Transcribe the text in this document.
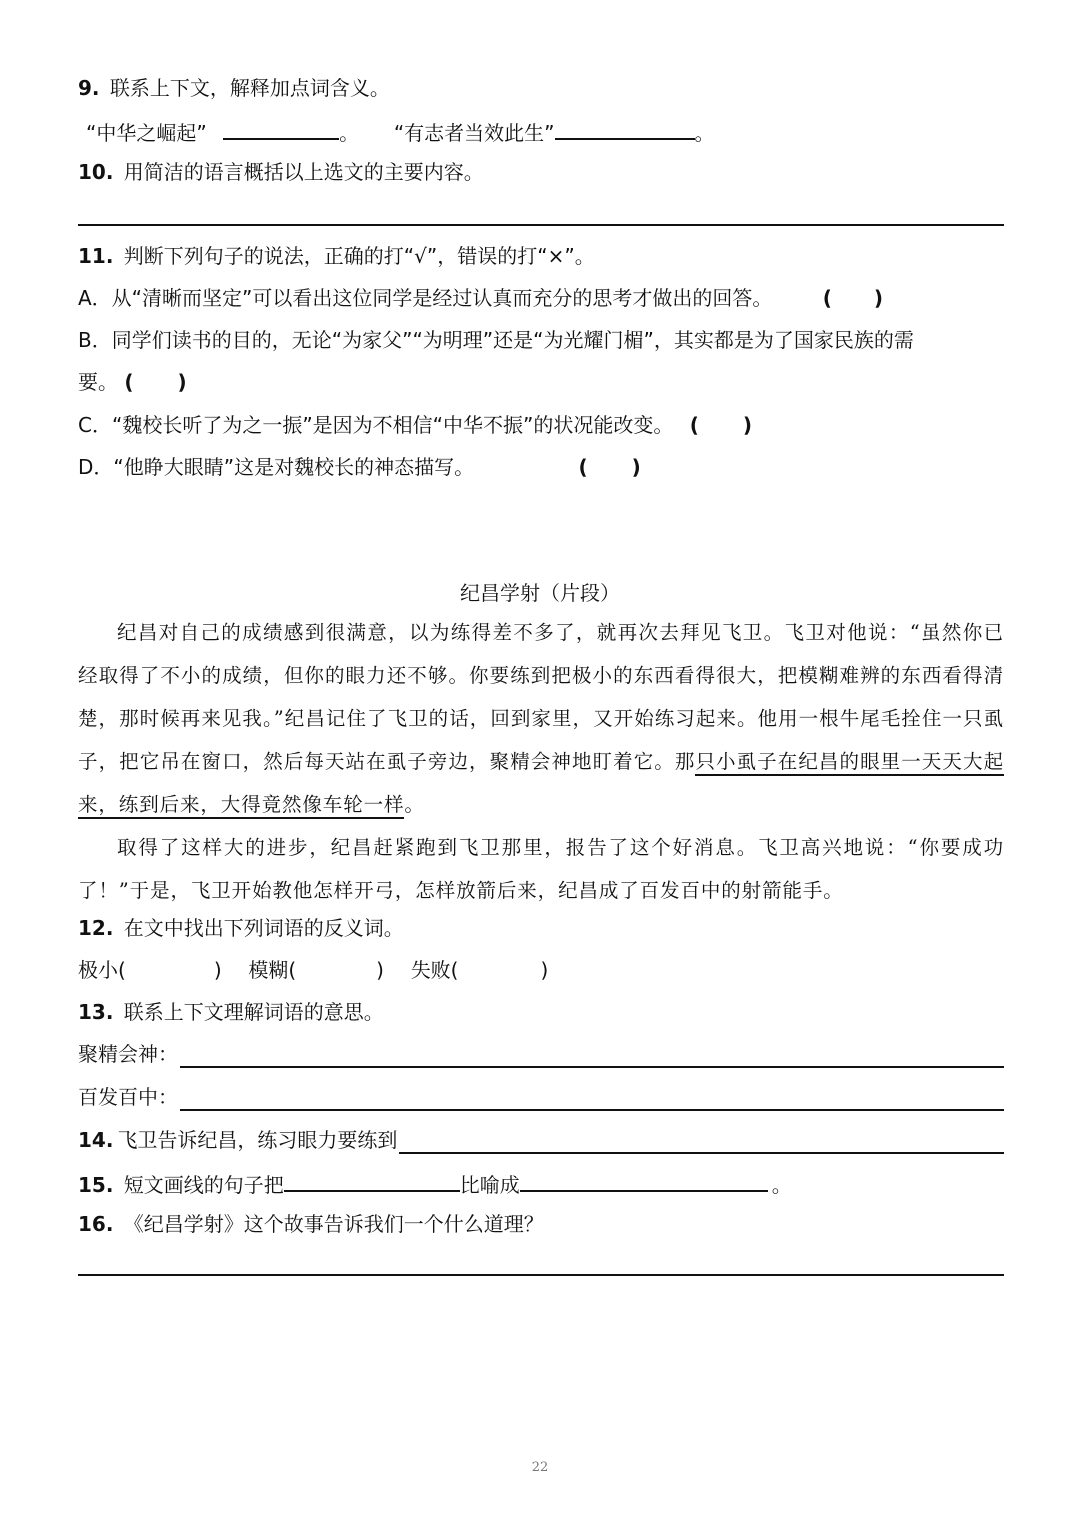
9. 联系上下文，解释加点词含义。
“中华之崛起”	。 “有志者当效此生”	。
10. 用简洁的语言概括以上选文的主要内容。
11. 判断下列句子的说法，正确的打“√”，错误的打“×”。
A．从“清晰而坚定”可以看出这位同学是经过认真而充分的思考才做出的回答。	( )
B．同学们读书的目的，无论“为家父”“为明理”还是“为光耀门楣”，其实都是为了国家民族的需
要。 ( )
C．“魏校长听了为之一振”是因为不相信“中华不振”的状况能改变。 ( )
D．“他睁大眼睛”这是对魏校长的神态描写。	( )
纪昌学射（片段）

纪昌对自己的成绩感到很满意，以为练得差不多了，就再次去拜见飞卫。飞卫对他说：“虽然你已经取得了不小的成绩，但你的眼力还不够。你要练到把极小的东西看得很大，把模糊难辨的东西看得清楚，那时候再来见我。”纪昌记住了飞卫的话，回到家里，又开始练习起来。他用一根牛尾毛拴住一只虱子，把它吊在窗口，然后每天站在虱子旁边，聚精会神地盯着它。那只小虱子在纪昌的眼里一天天大起来，练到后来，大得竟然像车轮一样。

取得了这样大的进步，纪昌赶紧跑到飞卫那里，报告了这个好消息。飞卫高兴地说：“你要成功了！”于是，飞卫开始教他怎样开弓，怎样放箭后来，纪昌成了百发百中的射箭能手。

12. 在文中找出下列词语的反义词。
极小(	) 模糊(	) 失败(	)
13. 联系上下文理解词语的意思。
聚精会神：
百发百中：
14. 飞卫告诉纪昌，练习眼力要练到
15. 短文画线的句子把	比喻成	。
16. 《纪昌学射》这个故事告诉我们一个什么道理？
22
